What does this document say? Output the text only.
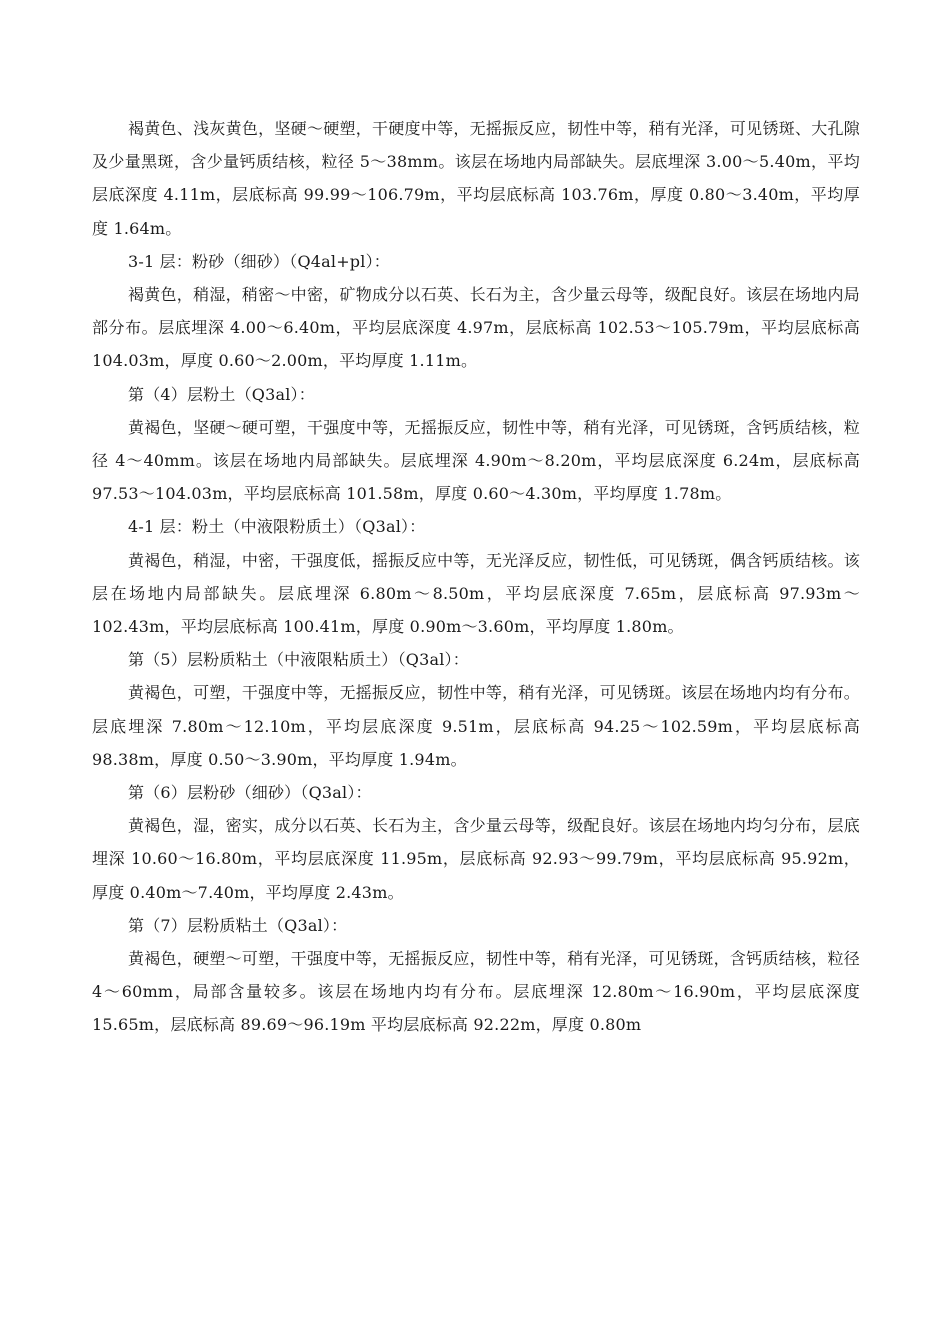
褐黄色、浅灰黄色，坚硬～硬塑，干硬度中等，无摇振反应，韧性中等，稍有光泽，可见锈斑、大孔隙及少量黑斑，含少量钙质结核，粒径 5～38mm。该层在场地内局部缺失。层底埋深 3.00～5.40m，平均层底深度 4.11m，层底标高 99.99～106.79m，平均层底标高 103.76m，厚度 0.80～3.40m，平均厚度 1.64m。

3-1 层：粉砂（细砂）（Q4al+pl）：

褐黄色，稍湿，稍密～中密，矿物成分以石英、长石为主，含少量云母等，级配良好。该层在场地内局部分布。层底埋深 4.00～6.40m，平均层底深度 4.97m，层底标高 102.53～105.79m，平均层底标高 104.03m，厚度 0.60～2.00m，平均厚度 1.11m。

第（4）层粉土（Q3al）：

黄褐色，坚硬～硬可塑，干强度中等，无摇振反应，韧性中等，稍有光泽，可见锈斑，含钙质结核，粒径 4～40mm。该层在场地内局部缺失。层底埋深 4.90m～8.20m，平均层底深度 6.24m，层底标高 97.53～104.03m，平均层底标高 101.58m，厚度 0.60～4.30m，平均厚度 1.78m。

4-1 层：粉土（中液限粉质土）（Q3al）：

黄褐色，稍湿，中密，干强度低，摇振反应中等，无光泽反应，韧性低，可见锈斑，偶含钙质结核。该层在场地内局部缺失。层底埋深 6.80m～8.50m，平均层底深度 7.65m，层底标高 97.93m～102.43m，平均层底标高 100.41m，厚度 0.90m～3.60m，平均厚度 1.80m。

第（5）层粉质粘土（中液限粘质土）（Q3al）：

黄褐色，可塑，干强度中等，无摇振反应，韧性中等，稍有光泽，可见锈斑。该层在场地内均有分布。层底埋深 7.80m～12.10m，平均层底深度 9.51m，层底标高 94.25～102.59m，平均层底标高 98.38m，厚度 0.50～3.90m，平均厚度 1.94m。

第（6）层粉砂（细砂）（Q3al）：

黄褐色，湿，密实，成分以石英、长石为主，含少量云母等，级配良好。该层在场地内均匀分布，层底埋深 10.60～16.80m，平均层底深度 11.95m，层底标高 92.93～99.79m，平均层底标高 95.92m，厚度 0.40m～7.40m，平均厚度 2.43m。

第（7）层粉质粘土（Q3al）：

黄褐色，硬塑～可塑，干强度中等，无摇振反应，韧性中等，稍有光泽，可见锈斑，含钙质结核，粒径 4～60mm，局部含量较多。该层在场地内均有分布。层底埋深 12.80m～16.90m，平均层底深度 15.65m，层底标高 89.69～96.19m 平均层底标高 92.22m，厚度 0.80m
